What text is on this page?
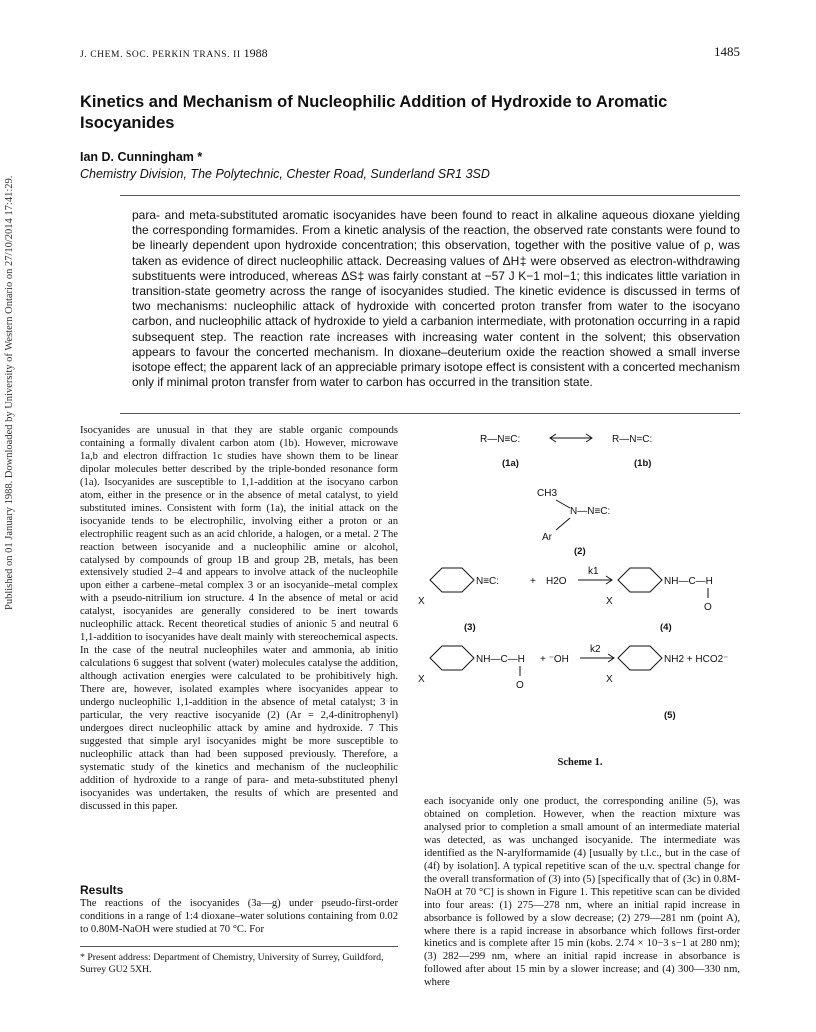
J. CHEM. SOC. PERKIN TRANS. II 1988	1485
Kinetics and Mechanism of Nucleophilic Addition of Hydroxide to Aromatic Isocyanides
Ian D. Cunningham *
Chemistry Division, The Polytechnic, Chester Road, Sunderland SR1 3SD
para- and meta-substituted aromatic isocyanides have been found to react in alkaline aqueous dioxane yielding the corresponding formamides. From a kinetic analysis of the reaction, the observed rate constants were found to be linearly dependent upon hydroxide concentration; this observation, together with the positive value of ρ, was taken as evidence of direct nucleophilic attack. Decreasing values of ΔH‡ were observed as electron-withdrawing substituents were introduced, whereas ΔS‡ was fairly constant at −57 J K−1 mol−1; this indicates little variation in transition-state geometry across the range of isocyanides studied. The kinetic evidence is discussed in terms of two mechanisms: nucleophilic attack of hydroxide with concerted proton transfer from water to the isocyano carbon, and nucleophilic attack of hydroxide to yield a carbanion intermediate, with protonation occurring in a rapid subsequent step. The reaction rate increases with increasing water content in the solvent; this observation appears to favour the concerted mechanism. In dioxane–deuterium oxide the reaction showed a small inverse isotope effect; the apparent lack of an appreciable primary isotope effect is consistent with a concerted mechanism only if minimal proton transfer from water to carbon has occurred in the transition state.
Isocyanides are unusual in that they are stable organic compounds containing a formally divalent carbon atom (1b). However, microwave 1a,b and electron diffraction 1c studies have shown them to be linear dipolar molecules better described by the triple-bonded resonance form (1a). Isocyanides are susceptible to 1,1-addition at the isocyano carbon atom, either in the presence or in the absence of metal catalyst, to yield substituted imines. Consistent with form (1a), the initial attack on the isocyanide tends to be electrophilic, involving either a proton or an electrophilic reagent such as an acid chloride, a halogen, or a metal. 2 The reaction between isocyanide and a nucleophilic amine or alcohol, catalysed by compounds of group 1B and group 2B, metals, has been extensively studied 2–4 and appears to involve attack of the nucleophile upon either a carbene–metal complex 3 or an isocyanide–metal complex with a pseudo-nitrilium ion structure. 4 In the absence of metal or acid catalyst, isocyanides are generally considered to be inert towards nucleophilic attack. Recent theoretical studies of anionic 5 and neutral 6 1,1-addition to isocyanides have dealt mainly with stereochemical aspects. In the case of the neutral nucleophiles water and ammonia, ab initio calculations 6 suggest that solvent (water) molecules catalyse the addition, although activation energies were calculated to be prohibitively high. There are, however, isolated examples where isocyanides appear to undergo nucleophilic 1,1-addition in the absence of metal catalyst; 3 in particular, the very reactive isocyanide (2) (Ar = 2,4-dinitrophenyl) undergoes direct nucleophilic attack by amine and hydroxide. 7 This suggested that simple aryl isocyanides might be more susceptible to nucleophilic attack than had been supposed previously. Therefore, a systematic study of the kinetics and mechanism of the nucleophilic addition of hydroxide to a range of para- and meta-substituted phenyl isocyanides was undertaken, the results of which are presented and discussed in this paper.
Results
The reactions of the isocyanides (3a—g) under pseudo-first-order conditions in a range of 1:4 dioxane–water solutions containing from 0.02 to 0.80M-NaOH were studied at 70 °C. For
* Present address: Department of Chemistry, University of Surrey, Guildford, Surrey GU2 5XH.
each isocyanide only one product, the corresponding aniline (5), was obtained on completion. However, when the reaction mixture was analysed prior to completion a small amount of an intermediate material was detected, as was unchanged isocyanide. The intermediate was identified as the N-arylformamide (4) [usually by t.l.c., but in the case of (4f) by isolation]. A typical repetitive scan of the u.v. spectral change for the overall transformation of (3) into (5) [specifically that of (3c) in 0.8M-NaOH at 70 °C] is shown in Figure 1. This repetitive scan can be divided into four areas: (1) 275—278 nm, where an initial rapid increase in absorbance is followed by a slow decrease; (2) 279—281 nm (point A), where there is a rapid increase in absorbance which follows first-order kinetics and is complete after 15 min (kobs. 2.74 × 10−3 s−1 at 280 nm); (3) 282—299 nm, where an initial rapid increase in absorbance is followed after about 15 min by a slower increase; and (4) 300—330 nm, where
Published on 01 January 1988. Downloaded by University of Western Ontario on 27/10/2014 17:41:29.	R—N≡C:	R—N=C:
(1a)	(1b)
CH3
N—N≡C:
Ar
(2)
X
N≡C:	+ H2O
k1
X
NH—C—H
O
(3)	(4)
X
NH—C—H
O
+ ⁻OH
k2
X
NH2 + HCO2⁻
(5)
Scheme 1.
